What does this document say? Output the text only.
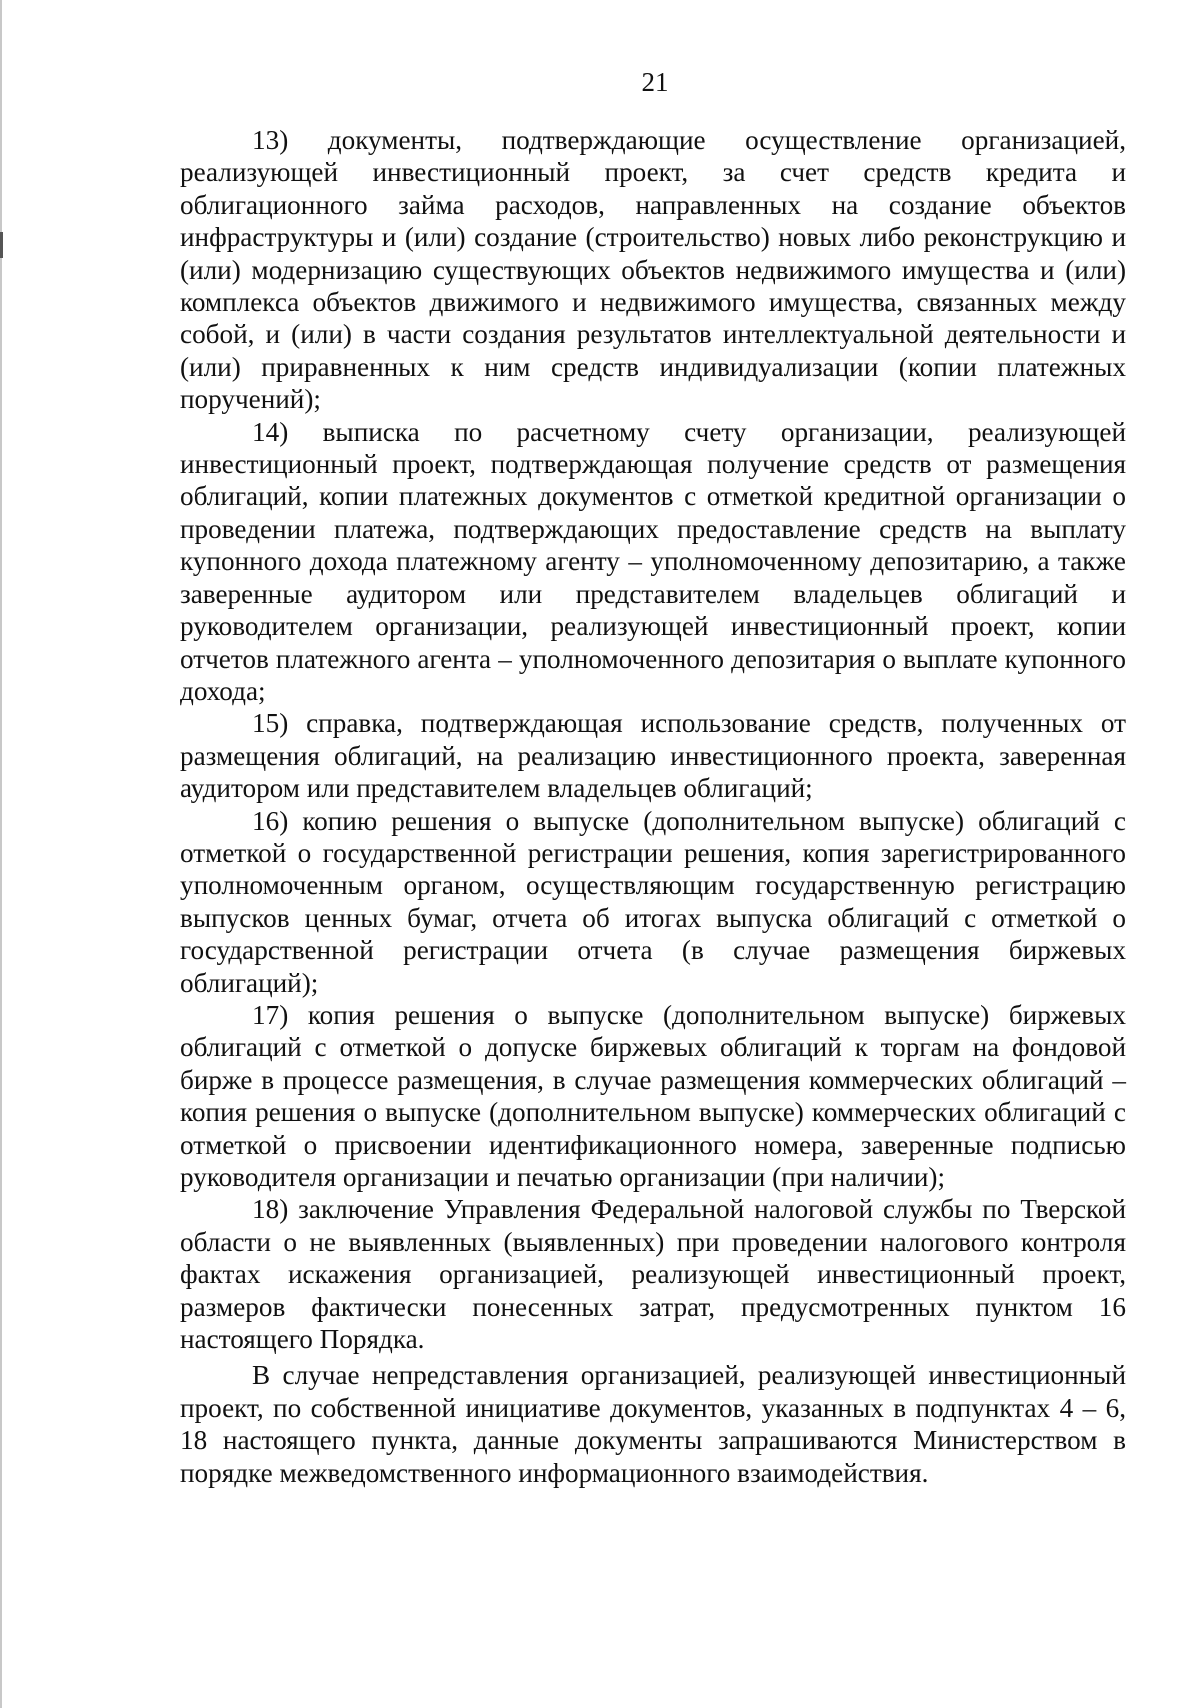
21

13) документы, подтверждающие осуществление организацией, реализующей инвестиционный проект, за счет средств кредита и облигационного займа расходов, направленных на создание объектов инфраструктуры и (или) создание (строительство) новых либо реконструкцию и (или) модернизацию существующих объектов недвижимого имущества и (или) комплекса объектов движимого и недвижимого имущества, связанных между собой, и (или) в части создания результатов интеллектуальной деятельности и (или) приравненных к ним средств индивидуализации (копии платежных поручений);

14) выписка по расчетному счету организации, реализующей инвестиционный проект, подтверждающая получение средств от размещения облигаций, копии платежных документов с отметкой кредитной организации о проведении платежа, подтверждающих предоставление средств на выплату купонного дохода платежному агенту – уполномоченному депозитарию, а также заверенные аудитором или представителем владельцев облигаций и руководителем организации, реализующей инвестиционный проект, копии отчетов платежного агента – уполномоченного депозитария о выплате купонного дохода;

15) справка, подтверждающая использование средств, полученных от размещения облигаций, на реализацию инвестиционного проекта, заверенная аудитором или представителем владельцев облигаций;

16) копию решения о выпуске (дополнительном выпуске) облигаций с отметкой о государственной регистрации решения, копия зарегистрированного уполномоченным органом, осуществляющим государственную регистрацию выпусков ценных бумаг, отчета об итогах выпуска облигаций с отметкой о государственной регистрации отчета (в случае размещения биржевых облигаций);

17) копия решения о выпуске (дополнительном выпуске) биржевых облигаций с отметкой о допуске биржевых облигаций к торгам на фондовой бирже в процессе размещения, в случае размещения коммерческих облигаций – копия решения о выпуске (дополнительном выпуске) коммерческих облигаций с отметкой о присвоении идентификационного номера, заверенные подписью руководителя организации и печатью организации (при наличии);

18) заключение Управления Федеральной налоговой службы по Тверской области о не выявленных (выявленных) при проведении налогового контроля фактах искажения организацией, реализующей инвестиционный проект, размеров фактически понесенных затрат, предусмотренных пунктом 16 настоящего Порядка.

В случае непредставления организацией, реализующей инвестиционный проект, по собственной инициативе документов, указанных в подпунктах 4 – 6, 18 настоящего пункта, данные документы запрашиваются Министерством в порядке межведомственного информационного взаимодействия.
